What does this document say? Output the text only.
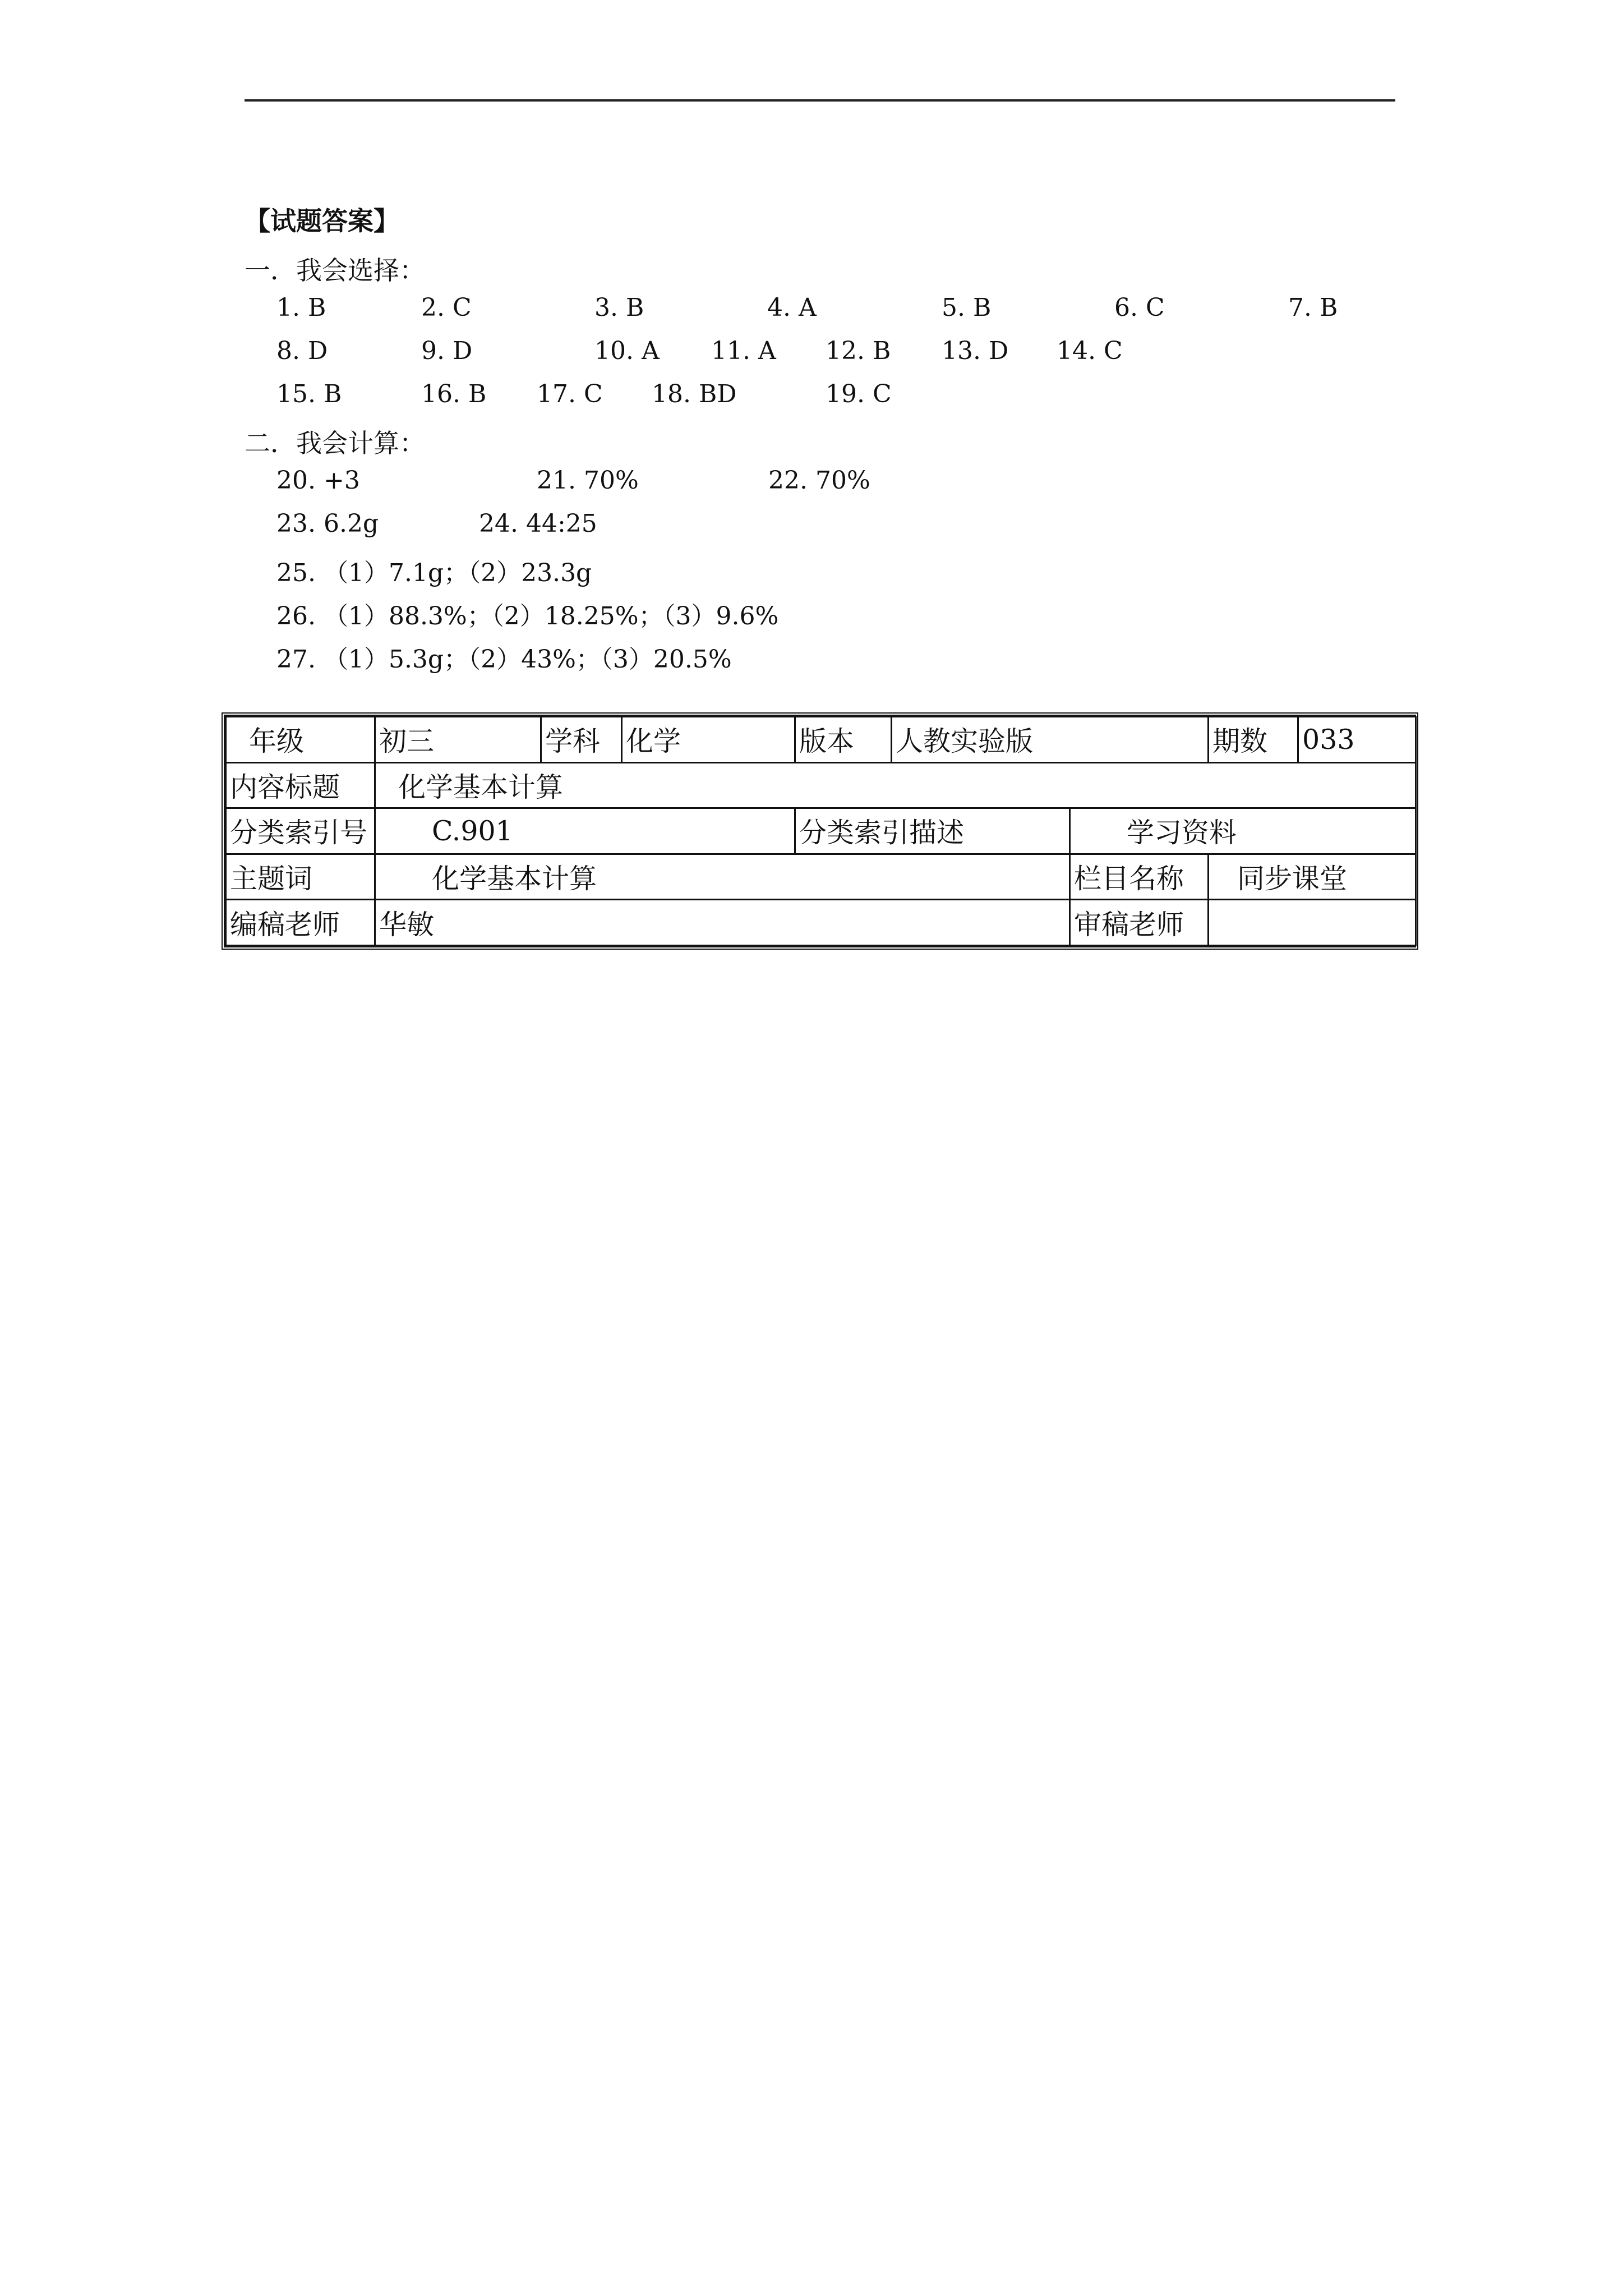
【试题答案】
一．我会选择：
1. B	2. C	3. B	4. A	5. B	6. C	7. B
8. D	9. D	10. A 11. A 12. B 13. D 14. C
15. B	16. B 17. C 18. BD	19. C
二．我会计算：
20. +3	21. 70%	22. 70%
23. 6.2g	24. 44:25
25. （1）7.1g；（2）23.3g
26. （1）88.3%；（2）18.25%；（3）9.6%
27. （1）5.3g；（2）43%；（3）20.5%
年级	初三	学科	化学	版本	人教实验版		期数	033
内容标题	化学基本计算							
分类索引号	C.901			分类索引描述		学习资料		
主题词	化学基本计算					栏目名称	同步课堂	
编稿老师	华敏					审稿老师		
